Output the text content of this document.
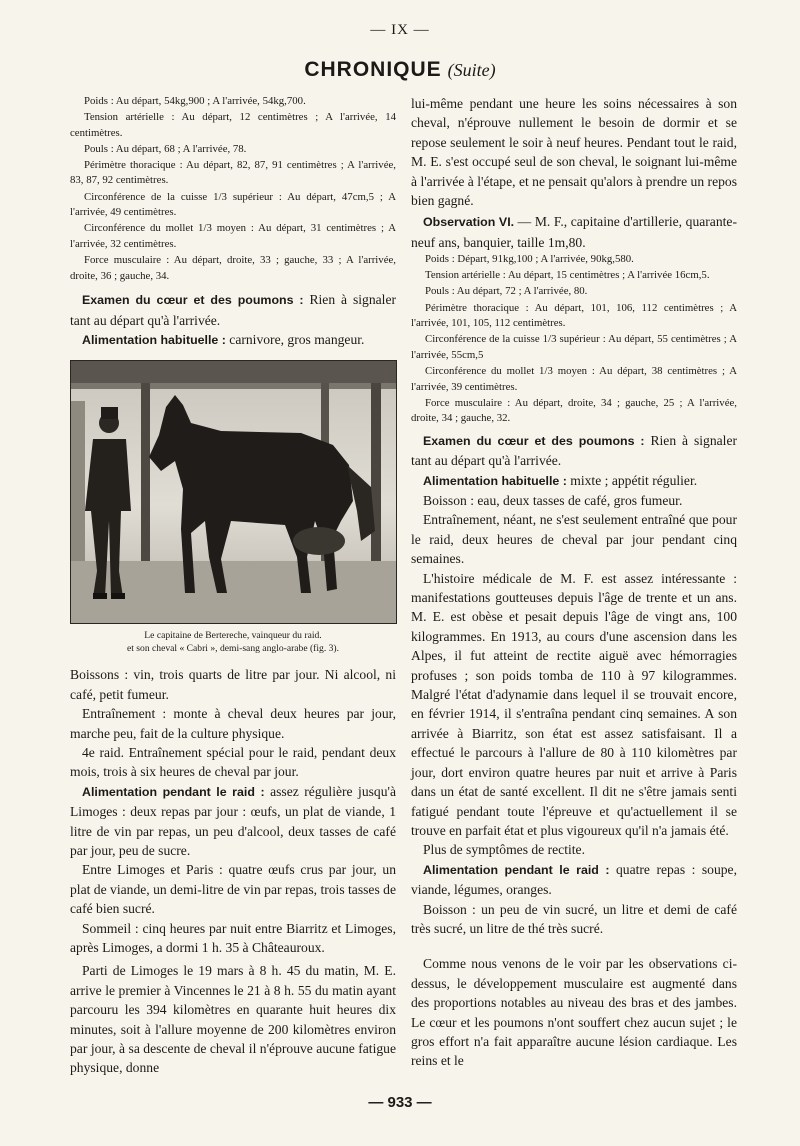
— IX —
CHRONIQUE (Suite)

Poids : Au départ, 54kg,900 ; A l'arrivée, 54kg,700.

Tension artérielle : Au départ, 12 centimètres ; A l'arrivée, 14 centimètres.

Pouls : Au départ, 68 ; A l'arrivée, 78.

Périmètre thoracique : Au départ, 82, 87, 91 centimètres ; A l'arrivée, 83, 87, 92 centimètres.

Circonférence de la cuisse 1/3 supérieur : Au départ, 47cm,5 ; A l'arrivée, 49 centimètres.

Circonférence du mollet 1/3 moyen : Au départ, 31 centimètres ; A l'arrivée, 32 centimètres.

Force musculaire : Au départ, droite, 33 ; gauche, 33 ; A l'arrivée, droite, 36 ; gauche, 34.

Examen du cœur et des poumons : Rien à signaler tant au départ qu'à l'arrivée.

Alimentation habituelle : carnivore, gros mangeur.

Le capitaine de Bertereche, vainqueur du raid.
et son cheval « Cabri », demi-sang anglo-arabe (fig. 3).

Boissons : vin, trois quarts de litre par jour. Ni alcool, ni café, petit fumeur.

Entraînement : monte à cheval deux heures par jour, marche peu, fait de la culture physique.

4e raid. Entraînement spécial pour le raid, pendant deux mois, trois à six heures de cheval par jour.

Alimentation pendant le raid : assez régulière jusqu'à Limoges : deux repas par jour : œufs, un plat de viande, 1 litre de vin par repas, un peu d'alcool, deux tasses de café par jour, peu de sucre.

Entre Limoges et Paris : quatre œufs crus par jour, un plat de viande, un demi-litre de vin par repas, trois tasses de café bien sucré.

Sommeil : cinq heures par nuit entre Biarritz et Limoges, après Limoges, a dormi 1 h. 35 à Châteauroux.

Parti de Limoges le 19 mars à 8 h. 45 du matin, M. E. arrive le premier à Vincennes le 21 à 8 h. 55 du matin ayant parcouru les 394 kilomètres en quarante huit heures dix minutes, soit à l'allure moyenne de 200 kilomètres environ par jour, à sa descente de cheval il n'éprouve aucune fatigue physique, donne

lui-même pendant une heure les soins nécessaires à son cheval, n'éprouve nullement le besoin de dormir et se repose seulement le soir à neuf heures. Pendant tout le raid, M. E. s'est occupé seul de son cheval, le soignant lui-même à l'arrivée à l'étape, et ne pensait qu'alors à prendre un repos bien gagné.

Observation VI. — M. F., capitaine d'artillerie, quarante-neuf ans, banquier, taille 1m,80.

Poids : Départ, 91kg,100 ; A l'arrivée, 90kg,580.

Tension artérielle : Au départ, 15 centimètres ; A l'arrivée 16cm,5.

Pouls : Au départ, 72 ; A l'arrivée, 80.

Périmètre thoracique : Au départ, 101, 106, 112 centimètres ; A l'arrivée, 101, 105, 112 centimètres.

Circonférence de la cuisse 1/3 supérieur : Au départ, 55 centimètres ; A l'arrivée, 55cm,5

Circonférence du mollet 1/3 moyen : Au départ, 38 centimètres ; A l'arrivée, 39 centimètres.

Force musculaire : Au départ, droite, 34 ; gauche, 25 ; A l'arrivée, droite, 34 ; gauche, 32.

Examen du cœur et des poumons : Rien à signaler tant au départ qu'à l'arrivée.

Alimentation habituelle : mixte ; appétit régulier.

Boisson : eau, deux tasses de café, gros fumeur.

Entraînement, néant, ne s'est seulement entraîné que pour le raid, deux heures de cheval par jour pendant cinq semaines.

L'histoire médicale de M. F. est assez intéressante : manifestations goutteuses depuis l'âge de trente et un ans. M. E. est obèse et pesait depuis l'âge de vingt ans, 100 kilogrammes. En 1913, au cours d'une ascension dans les Alpes, il fut atteint de rectite aiguë avec hémorragies profuses ; son poids tomba de 110 à 97 kilogrammes. Malgré l'état d'adynamie dans lequel il se trouvait encore, en février 1914, il s'entraîna pendant cinq semaines. A son arrivée à Biarritz, son état est assez satisfaisant. Il a effectué le parcours à l'allure de 80 à 110 kilomètres par jour, dort environ quatre heures par nuit et arrive à Paris dans un état de santé excellent. Il dit ne s'être jamais senti fatigué pendant toute l'épreuve et qu'actuellement il se trouve en parfait état et plus vigoureux qu'il n'a jamais été.

Plus de symptômes de rectite.

Alimentation pendant le raid : quatre repas : soupe, viande, légumes, oranges.

Boisson : un peu de vin sucré, un litre et demi de café très sucré, un litre de thé très sucré.

Comme nous venons de le voir par les observations ci-dessus, le développement musculaire est augmenté dans des proportions notables au niveau des bras et des jambes. Le cœur et les poumons n'ont souffert chez aucun sujet ; le gros effort n'a fait apparaître aucune lésion cardiaque. Les reins et le

— 933 —
